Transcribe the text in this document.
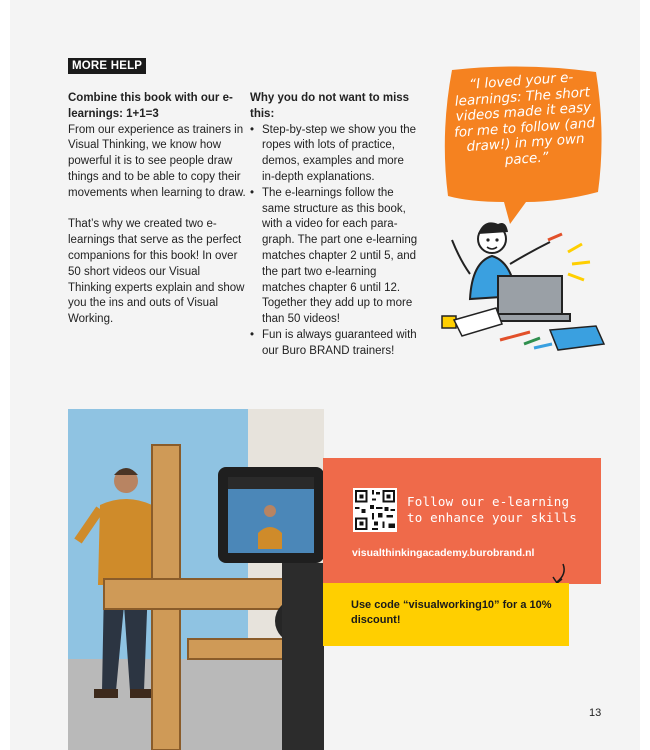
MORE HELP
Combine this book with our e-learnings: 1+1=3

From our experience as trainers in Visual Thinking, we know how powerful it is to see people draw things and to be able to copy their movements when learning to draw.

That’s why we created two e-learnings that serve as the perfect companions for this book! In over 50 short videos our Visual Thinking experts explain and show you the ins and outs of Visual Working.

Why you do not want to miss this:
• Step-by-step we show you the ropes with lots of practice, demos, examples and more in-depth explanations.
• The e-learnings follow the same structure as this book, with a video for each para-graph. The part one e-learning matches chapter 2 until 5, and the part two e-learning matches chapter 6 until 12. Together they add up to more than 50 videos!
• Fun is always guaranteed with our Buro BRAND trainers!
“I loved your e-learnings: The short videos made it easy for me to follow (and draw!) in my own pace.”
Follow our e-learning to enhance your skills
visualthinkingacademy.burobrand.nl
Use code “visualworking10” for a 10% discount!
13
